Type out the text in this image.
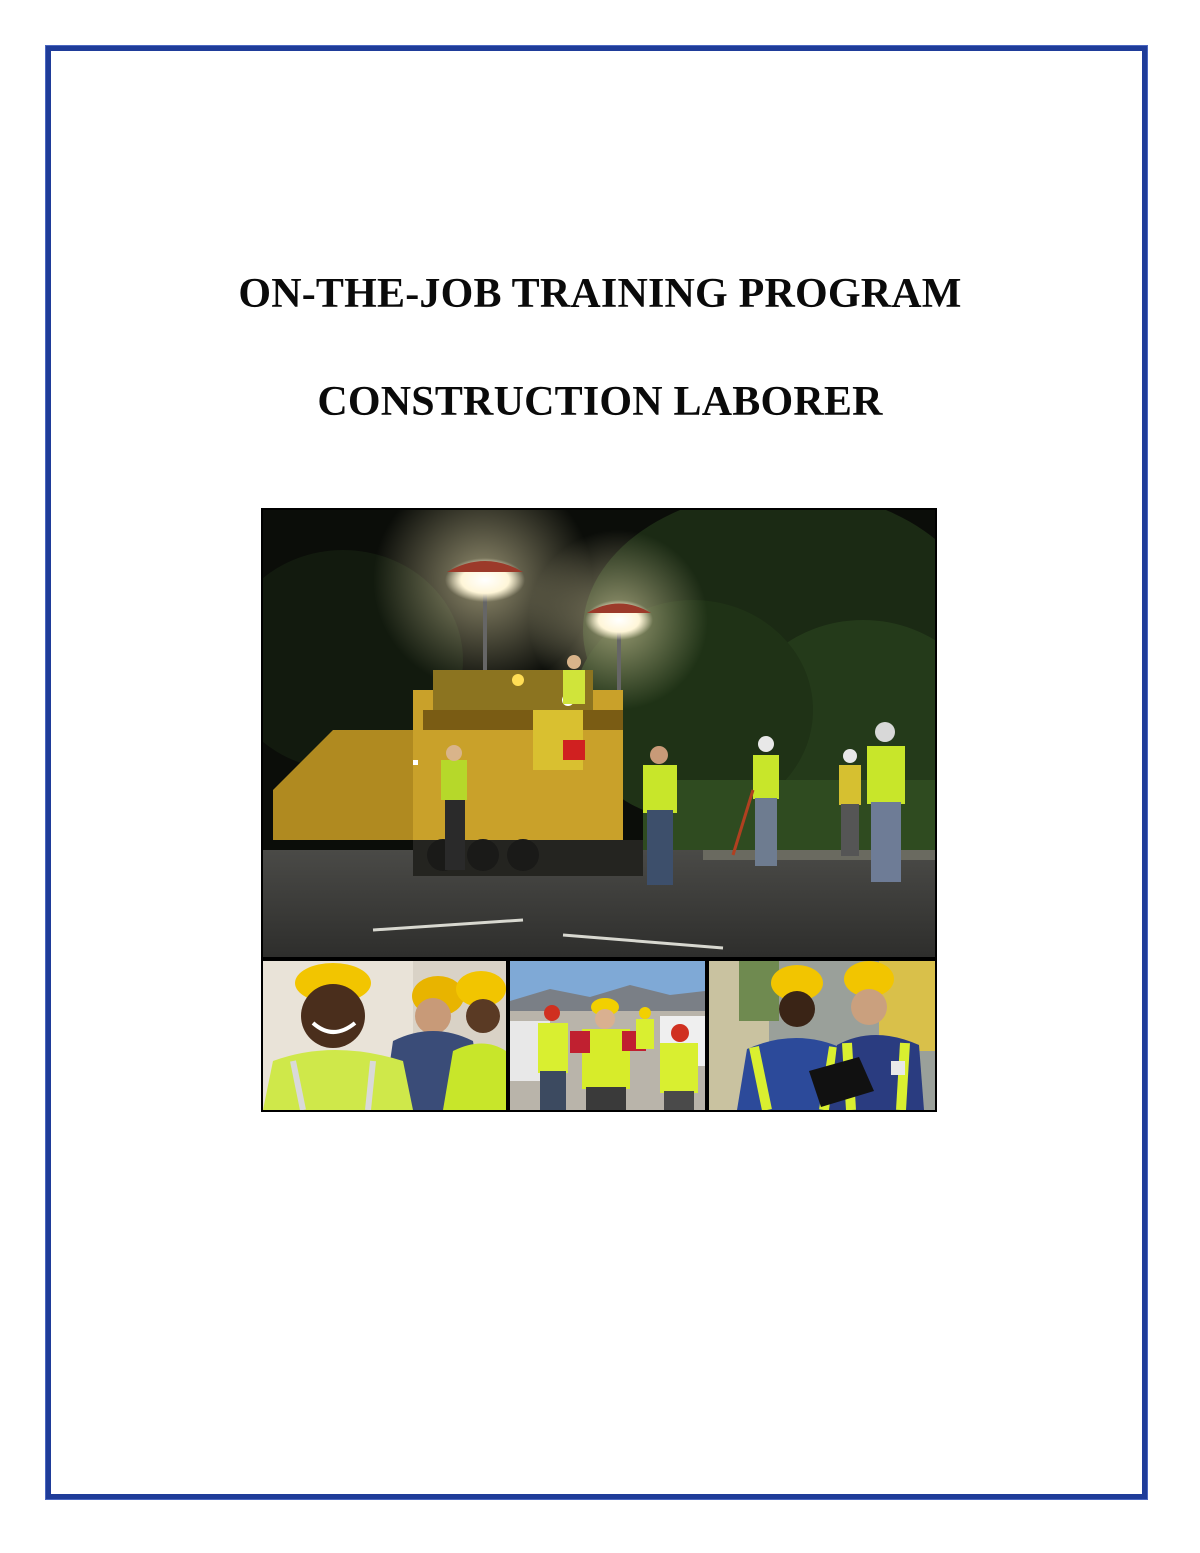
ON-THE-JOB TRAINING PROGRAM
CONSTRUCTION LABORER
